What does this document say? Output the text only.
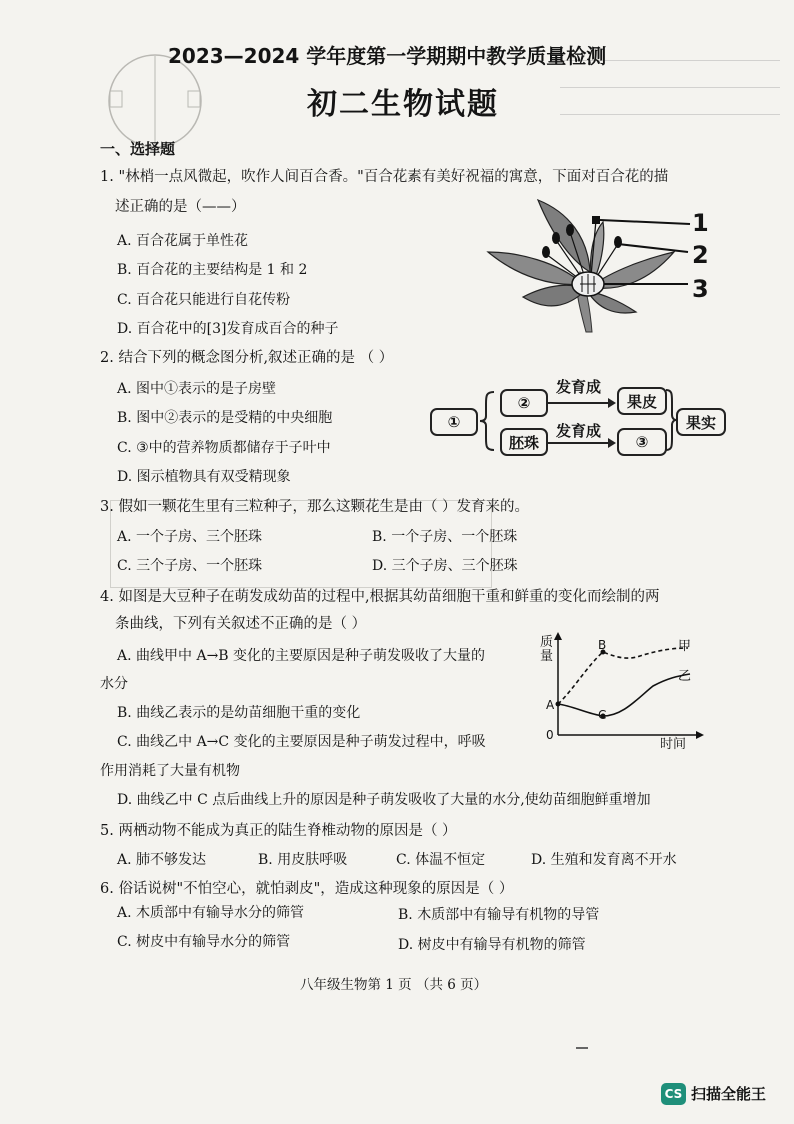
2023—2024 学年度第一学期期中教学质量检测
初二生物试题
一、选择题
1. "林梢一点风微起，吹作人间百合香。"百合花素有美好祝福的寓意，下面对百合花的描
述正确的是（——）
A. 百合花属于单性花
B. 百合花的主要结构是 1 和 2
C. 百合花只能进行自花传粉
D. 百合花中的[3]发育成百合的种子
1
2
3
2. 结合下列的概念图分析,叙述正确的是 （ ）
A. 图中①表示的是子房壁
B. 图中②表示的是受精的中央细胞
C. ③中的营养物质都储存于子叶中
D. 图示植物具有双受精现象
①
②
胚珠
发育成
发育成
果皮
③
果实
3. 假如一颗花生里有三粒种子，那么这颗花生是由（ ）发育来的。
A. 一个子房、三个胚珠	B. 一个子房、一个胚珠
C. 三个子房、一个胚珠	D. 三个子房、三个胚珠
4. 如图是大豆种子在萌发成幼苗的过程中,根据其幼苗细胞干重和鲜重的变化而绘制的两
条曲线，下列有关叙述不正确的是（ ）
A. 曲线甲中 A→B 变化的主要原因是种子萌发吸收了大量的
水分
B. 曲线乙表示的是幼苗细胞干重的变化
C. 曲线乙中 A→C 变化的主要原因是种子萌发过程中，呼吸
作用消耗了大量有机物
D. 曲线乙中 C 点后曲线上升的原因是种子萌发吸收了大量的水分,使幼苗细胞鲜重增加
质
量
时间
0
A
B
C
甲
乙
5. 两栖动物不能成为真正的陆生脊椎动物的原因是（ ）
A. 肺不够发达	B. 用皮肤呼吸	C. 体温不恒定	D. 生殖和发育离不开水
6. 俗话说树"不怕空心，就怕剥皮"，造成这种现象的原因是（ ）
A. 木质部中有输导水分的筛管	B. 木质部中有输导有机物的导管
C. 树皮中有输导水分的筛管	D. 树皮中有输导有机物的筛管
八年级生物第 1 页 （共 6 页）
CS 扫描全能王
